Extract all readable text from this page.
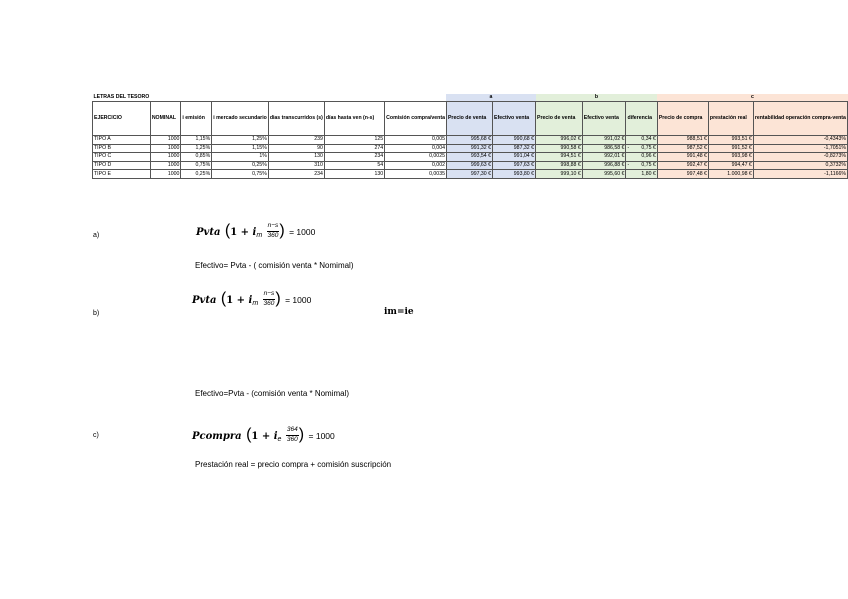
LETRAS DEL TESORO							a		b			c		
EJERCICIO	NOMINAL	i emisión	i mercado secundario	dias transcurridos (s)	días hasta ven (n-s)	Comisión compra/venta	Precio de venta	Efectivo venta	Precio de venta	Efectivo venta	diferencia	Precio de compra	prestación real	rentabilidad operación compra-venta
TIPO A	1000	1,15%	1,25%	239	125	0,005	995,68 €	990,68 €	996,02 €	991,02 €	0,34 €	988,51 €	993,51 €	-0,4343%
TIPO B	1000	1,25%	1,15%	90	274	0,004	991,32 €	987,32 €	990,58 €	986,58 €	- 0,75 €	987,52 €	991,52 €	-1,7051%
TIPO C	1000	0,85%	1%	130	234	0,0025	993,54 €	991,04 €	994,51 €	992,01 €	0,96 €	991,48 €	993,98 €	-0,8273%
TIPO D	1000	0,75%	0,25%	310	54	0,002	999,63 €	997,63 €	998,88 €	996,88 €	- 0,75 €	992,47 €	994,47 €	0,3732%
TIPO E	1000	0,25%	0,75%	234	130	0,0035	997,30 €	993,80 €	999,10 €	995,60 €	1,80 €	997,48 €	1.000,98 €	-1,1166%
a)	Pvta ($1 + i_m \frac{n-s}{360}$ ) = 1000
Efectivo= Pvta - ( comisión venta * Nomimal)
Pvta ($1 + i_m \frac{n-s}{360}$ ) = 1000
b)	im=ie
Efectivo=Pvta - (comisión venta * Nomimal)
c)	Pcompra ($1 + i_e \frac{364}{360}$ ) = 1000
Prestación real = precio compra + comisión suscripción
